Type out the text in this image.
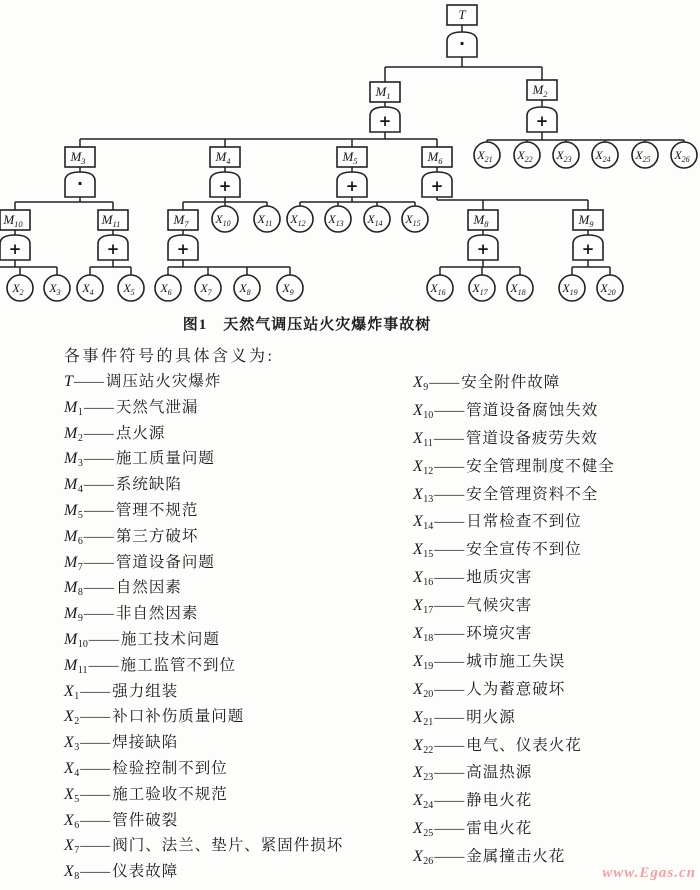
·
+	+
·	+	+	+
+	+	+	+	+
T
$M_1$	$M_2$
$M_3$	$M_4$	$M_5$	$M_6$
$M_{10}$	$M_{11}$	$M_7$	$M_8$	$M_9$
$X_{21}$ $X_{22}$ $X_{23}$ $X_{24}$ $X_{25}$ $X_{26}$
$X_{10}$ $X_{11}$ $X_{12}$ $X_{13}$ $X_{14}$ $X_{15}$
$X_2$ $X_3$ $X_4$ $X_5$ $X_6$ $X_7$ $X_8$	$X_9$	$X_{16}$ $X_{17}$ $X_{18}$	$X_{19}$ $X_{20}$
图1 天然气调压站火灾爆炸事故树
各事件符号的具体含义为:
T—— 调压站火灾爆炸
$M_1——$ 天然气泄漏
$M_2——$ 点火源
$M_3——$ 施工质量问题
$M_4——$ 系统缺陷
$M_5——$ 管理不规范
$M_6——$ 第三方破坏
$M_7——$ 管道设备问题
$M_8——$ 自然因素
$M_9——$ 非自然因素
$M_{10}——$ 施工技术问题
$M_{11}——$ 施工监管不到位
$X_1——$ 强力组装
$X_2——$ 补口补伤质量问题
$X_3——$ 焊接缺陷
$X_4——$ 检验控制不到位
$X_5——$ 施工验收不规范
$X_6——$ 管件破裂
$X_7——$ 阀门、法兰、垫片、紧固件损坏
$X_8——$ 仪表故障
$X_9——$ 安全附件故障
$X_{10}——$ 管道设备腐蚀失效
$X_{11}——$ 管道设备疲劳失效
$X_{12}——$ 安全管理制度不健全
$X_{13}——$ 安全管理资料不全
$X_{14}——$ 日常检查不到位
$X_{15}——$ 安全宣传不到位
$X_{16}——$ 地质灾害
$X_{17}——$ 气候灾害
$X_{18}——$ 环境灾害
$X_{19}——$ 城市施工失误
$X_{20}——$ 人为蓄意破坏
$X_{21}——$ 明火源
$X_{22}——$ 电气、仪表火花
$X_{23}——$ 高温热源
$X_{24}——$ 静电火花
$X_{25}——$ 雷电火花
$X_{26}——$ 金属撞击火花
www.Egas.cn
